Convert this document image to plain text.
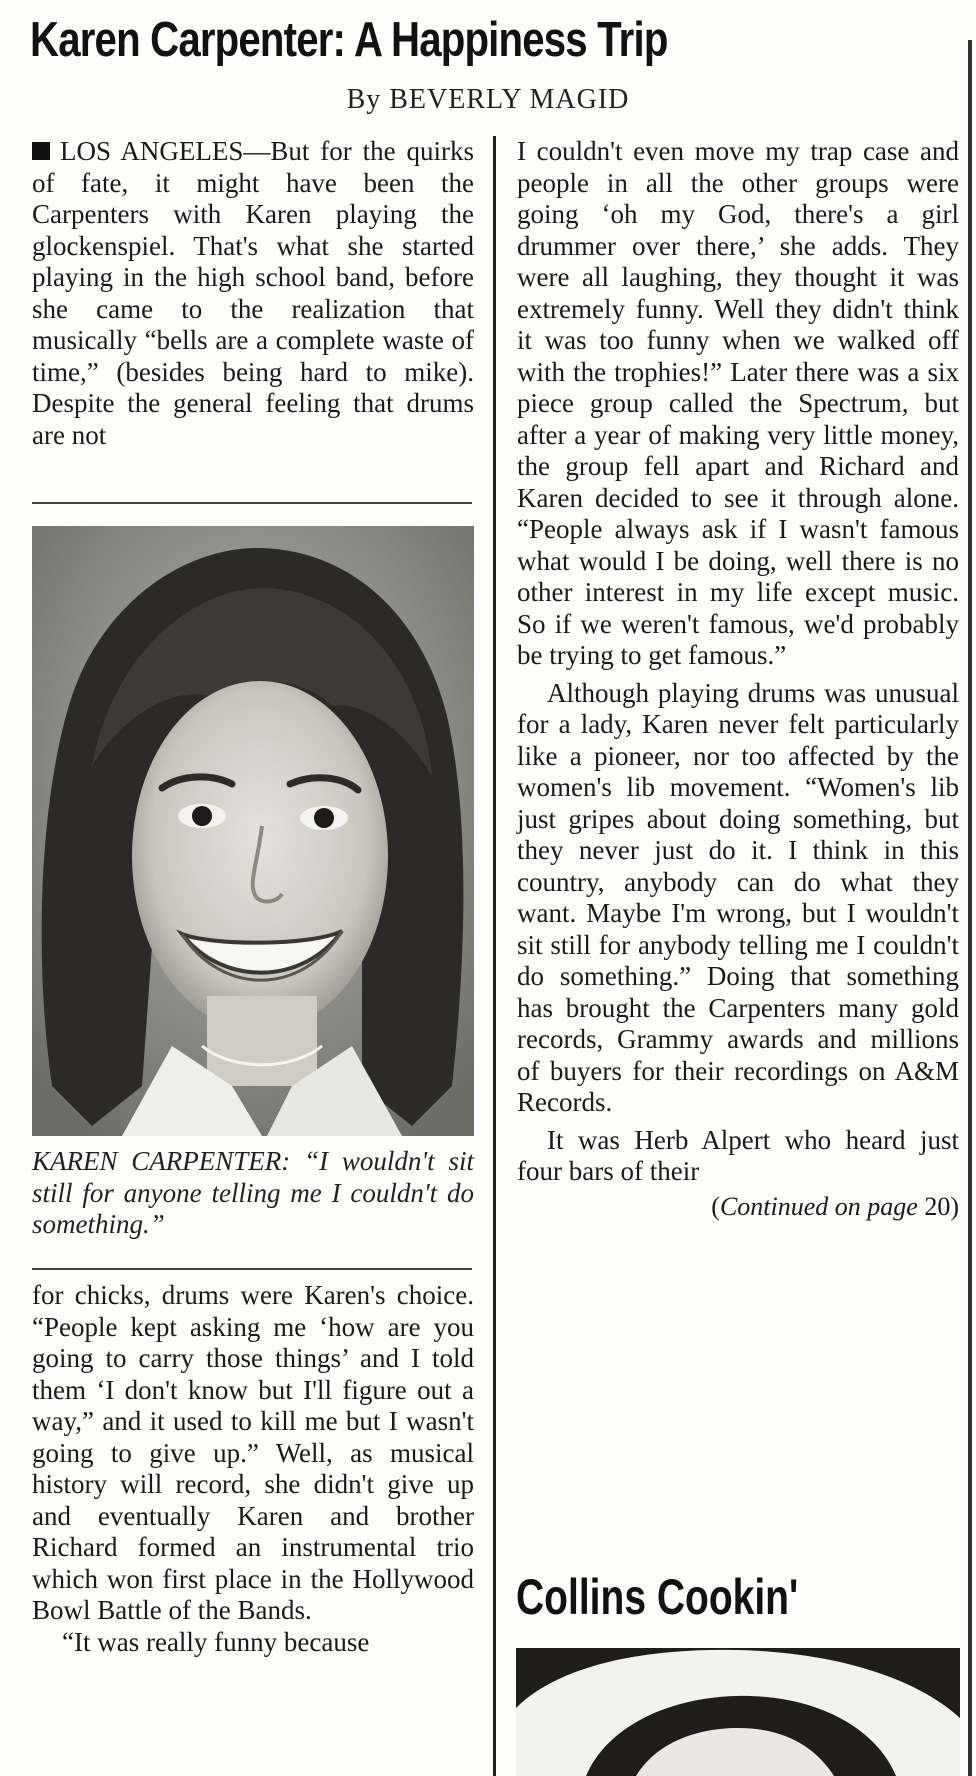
Karen Carpenter: A Happiness Trip
By BEVERLY MAGID

LOS ANGELES—But for the quirks of fate, it might have been the Carpenters with Karen playing the glockenspiel. That's what she started playing in the high school band, before she came to the realization that musically “bells are a complete waste of time,” (besides being hard to mike). Despite the general feeling that drums are not

KAREN CARPENTER: “I wouldn't sit still for anyone telling me I couldn't do something.”

for chicks, drums were Karen's choice. “People kept asking me ‘how are you going to carry those things’ and I told them ‘I don't know but I'll figure out a way,” and it used to kill me but I wasn't going to give up.” Well, as musical history will record, she didn't give up and eventually Karen and brother Richard formed an instrumental trio which won first place in the Hollywood Bowl Battle of the Bands.

“It was really funny because

I couldn't even move my trap case and people in all the other groups were going ‘oh my God, there's a girl drummer over there,’ she adds. They were all laughing, they thought it was extremely funny. Well they didn't think it was too funny when we walked off with the trophies!” Later there was a six piece group called the Spectrum, but after a year of making very little money, the group fell apart and Richard and Karen decided to see it through alone. “People always ask if I wasn't famous what would I be doing, well there is no other interest in my life except music. So if we weren't famous, we'd probably be trying to get famous.”

Although playing drums was unusual for a lady, Karen never felt particularly like a pioneer, nor too affected by the women's lib movement. “Women's lib just gripes about doing something, but they never just do it. I think in this country, anybody can do what they want. Maybe I'm wrong, but I wouldn't sit still for anybody telling me I couldn't do something.” Doing that something has brought the Carpenters many gold records, Grammy awards and millions of buyers for their recordings on A&M Records.

It was Herb Alpert who heard just four bars of their

(Continued on page 20)
Collins Cookin'
